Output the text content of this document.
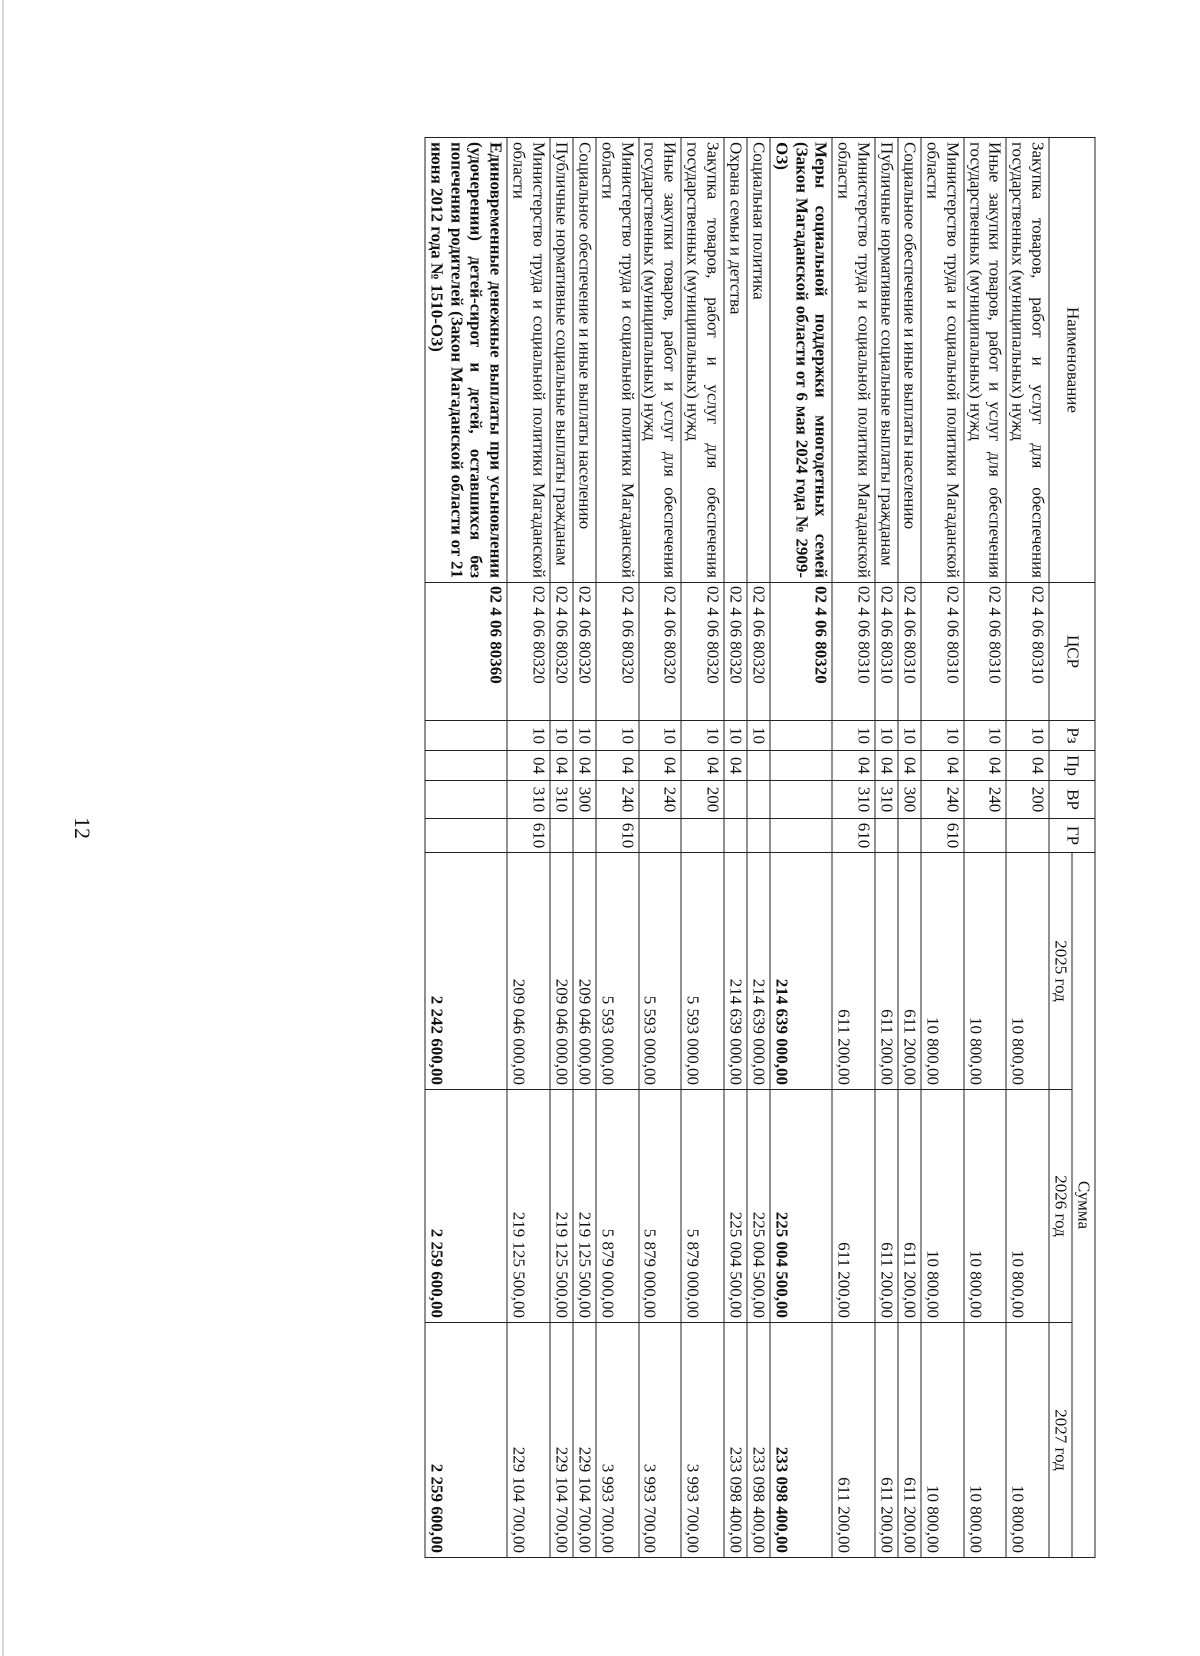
12
Наименование	ЦСР	Рз	Пр	ВР	ГР	Сумма		
						2025 год	2026 год	2027 год
Закупка товаров, работ и услуг для обеспечения государственных (муниципальных) нужд	02 4 06 80310	10	04	200		10 800,00	10 800,00	10 800,00
Иные закупки товаров, работ и услуг для обеспечения государственных (муниципальных) нужд	02 4 06 80310	10	04	240		10 800,00	10 800,00	10 800,00
Министерство труда и социальной политики Магаданской области	02 4 06 80310	10	04	240	610	10 800,00	10 800,00	10 800,00
Социальное обеспечение и иные выплаты населению	02 4 06 80310	10	04	300		611 200,00	611 200,00	611 200,00
Публичные нормативные социальные выплаты гражданам	02 4 06 80310	10	04	310		611 200,00	611 200,00	611 200,00
Министерство труда и социальной политики Магаданской области	02 4 06 80310	10	04	310	610	611 200,00	611 200,00	611 200,00
Меры социальной поддержки многодетных семей (Закон Магаданской области от 6 мая 2024 года № 2909-ОЗ)	02 4 06 80320					214 639 000,00	225 004 500,00	233 098 400,00
Социальная политика	02 4 06 80320	10				214 639 000,00	225 004 500,00	233 098 400,00
Охрана семьи и детства	02 4 06 80320	10	04			214 639 000,00	225 004 500,00	233 098 400,00
Закупка товаров, работ и услуг для обеспечения государственных (муниципальных) нужд	02 4 06 80320	10	04	200		5 593 000,00	5 879 000,00	3 993 700,00
Иные закупки товаров, работ и услуг для обеспечения государственных (муниципальных) нужд	02 4 06 80320	10	04	240		5 593 000,00	5 879 000,00	3 993 700,00
Министерство труда и социальной политики Магаданской области	02 4 06 80320	10	04	240	610	5 593 000,00	5 879 000,00	3 993 700,00
Социальное обеспечение и иные выплаты населению	02 4 06 80320	10	04	300		209 046 000,00	219 125 500,00	229 104 700,00
Публичные нормативные социальные выплаты гражданам	02 4 06 80320	10	04	310		209 046 000,00	219 125 500,00	229 104 700,00
Министерство труда и социальной политики Магаданской области	02 4 06 80320	10	04	310	610	209 046 000,00	219 125 500,00	229 104 700,00
Единовременные денежные выплаты при усыновлении (удочерении) детей-сирот и детей, оставшихся без попечения родителей (Закон Магаданской области от 21 июня 2012 года № 1510-ОЗ)	02 4 06 80360					2 242 600,00	2 259 600,00	2 259 600,00
